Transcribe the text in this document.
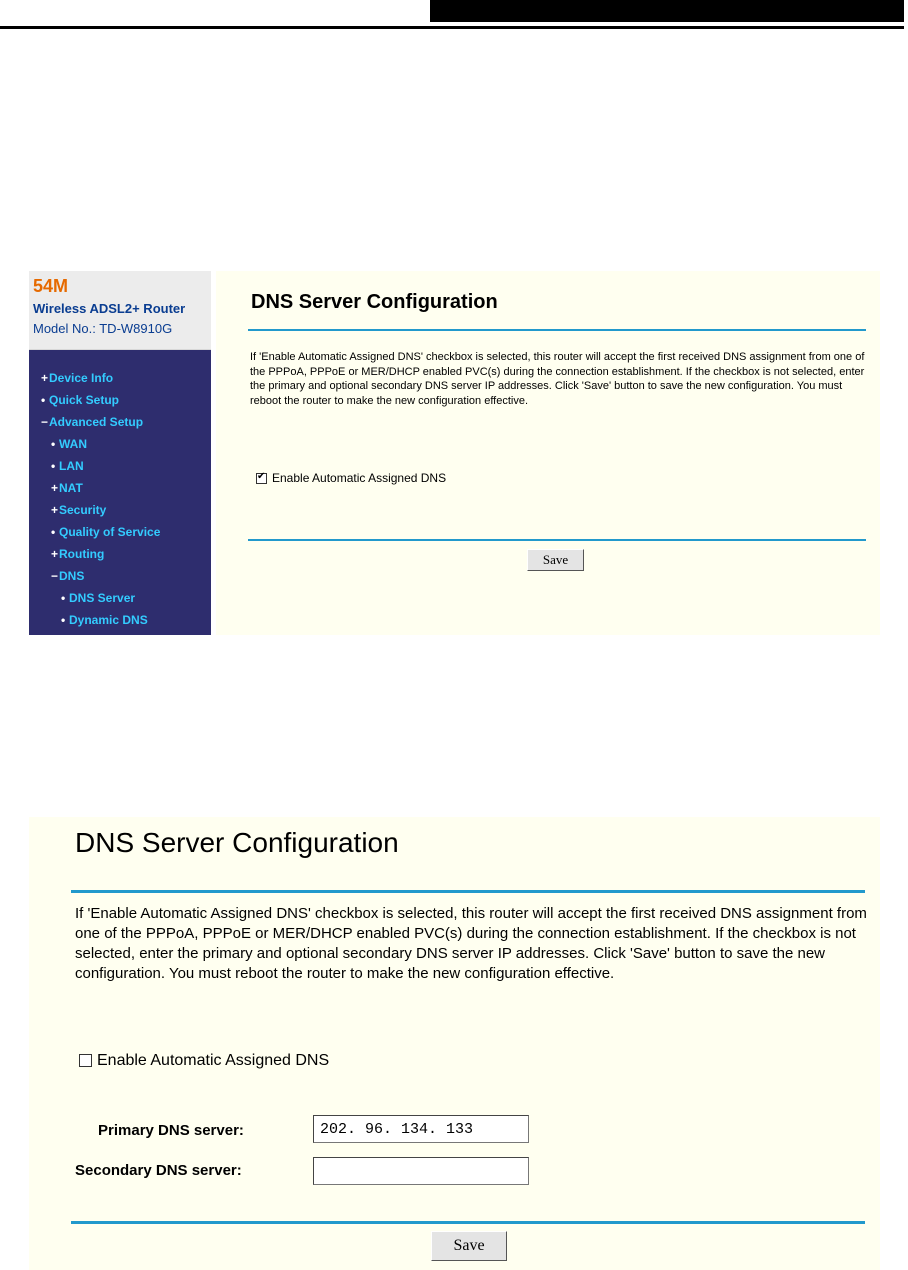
54M
Wireless ADSL2+ Router
Model No.: TD-W8910G
+Device Info
• Quick Setup
−Advanced Setup
• WAN
• LAN
+NAT
+Security
• Quality of Service
+Routing
−DNS
• DNS Server
• Dynamic DNS
DNS Server Configuration
If 'Enable Automatic Assigned DNS' checkbox is selected, this router will accept the first received DNS assignment from one of the PPPoA, PPPoE or MER/DHCP enabled PVC(s) during the connection establishment. If the checkbox is not selected, enter the primary and optional secondary DNS server IP addresses. Click 'Save' button to save the new configuration. You must reboot the router to make the new configuration effective.
✔Enable Automatic Assigned DNS
Save
DNS Server Configuration
If 'Enable Automatic Assigned DNS' checkbox is selected, this router will accept the first received DNS assignment from one of the PPPoA, PPPoE or MER/DHCP enabled PVC(s) during the connection establishment. If the checkbox is not selected, enter the primary and optional secondary DNS server IP addresses. Click 'Save' button to save the new configuration. You must reboot the router to make the new configuration effective.
Enable Automatic Assigned DNS
Primary DNS server:
202. 96. 134. 133
Secondary DNS server:
Save
